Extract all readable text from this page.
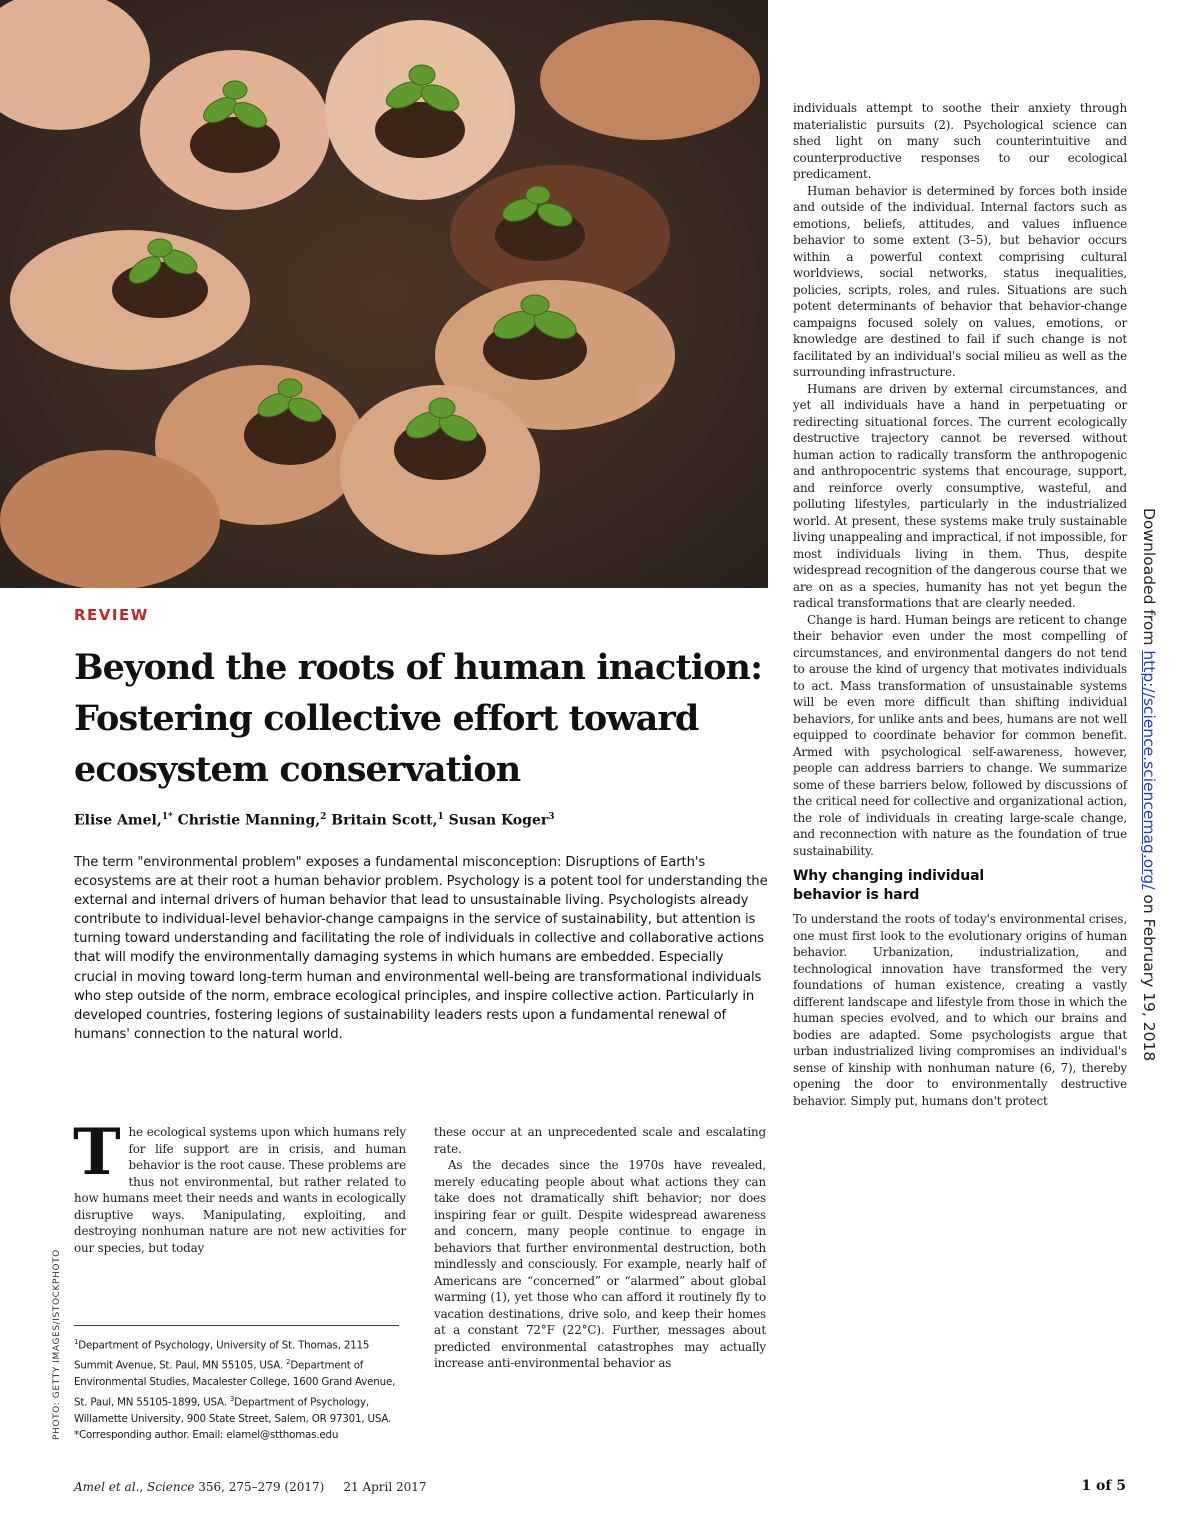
REVIEW
Beyond the roots of human inaction: Fostering collective effort toward ecosystem conservation
Elise Amel,$^{1*}$ Christie Manning,$^2$ Britain Scott,$^1$ Susan Koger$^3$

The term "environmental problem" exposes a fundamental misconception: Disruptions of Earth's ecosystems are at their root a human behavior problem. Psychology is a potent tool for understanding the external and internal drivers of human behavior that lead to unsustainable living. Psychologists already contribute to individual-level behavior-change campaigns in the service of sustainability, but attention is turning toward understanding and facilitating the role of individuals in collective and collaborative actions that will modify the environmentally damaging systems in which humans are embedded. Especially crucial in moving toward long-term human and environmental well-being are transformational individuals who step outside of the norm, embrace ecological principles, and inspire collective action. Particularly in developed countries, fostering legions of sustainability leaders rests upon a fundamental renewal of humans' connection to the natural world.

The ecological systems upon which humans rely for life support are in crisis, and human behavior is the root cause. These problems are thus not environmental, but rather related to how humans meet their needs and wants in ecologically disruptive ways. Manipulating, exploiting, and destroying nonhuman nature are not new activities for our species, but today

$^1$Department of Psychology, University of St. Thomas, 2115 Summit Avenue, St. Paul, MN 55105, USA. $^2$Department of Environmental Studies, Macalester College, 1600 Grand Avenue, St. Paul, MN 55105-1899, USA. $^3$Department of Psychology, Willamette University, 900 State Street, Salem, OR 97301, USA.
*Corresponding author. Email: elamel@stthomas.edu

these occur at an unprecedented scale and escalating rate.

As the decades since the 1970s have revealed, merely educating people about what actions they can take does not dramatically shift behavior; nor does inspiring fear or guilt. Despite widespread awareness and concern, many people continue to engage in behaviors that further environmental destruction, both mindlessly and consciously. For example, nearly half of Americans are “concerned” or “alarmed” about global warming (1), yet those who can afford it routinely fly to vacation destinations, drive solo, and keep their homes at a constant 72°F (22°C). Further, messages about predicted environmental catastrophes may actually increase anti-environmental behavior as

individuals attempt to soothe their anxiety through materialistic pursuits (2). Psychological science can shed light on many such counterintuitive and counterproductive responses to our ecological predicament.

Human behavior is determined by forces both inside and outside of the individual. Internal factors such as emotions, beliefs, attitudes, and values influence behavior to some extent (3–5), but behavior occurs within a powerful context comprising cultural worldviews, social networks, status inequalities, policies, scripts, roles, and rules. Situations are such potent determinants of behavior that behavior-change campaigns focused solely on values, emotions, or knowledge are destined to fail if such change is not facilitated by an individual's social milieu as well as the surrounding infrastructure.

Humans are driven by external circumstances, and yet all individuals have a hand in perpetuating or redirecting situational forces. The current ecologically destructive trajectory cannot be reversed without human action to radically transform the anthropogenic and anthropocentric systems that encourage, support, and reinforce overly consumptive, wasteful, and polluting lifestyles, particularly in the industrialized world. At present, these systems make truly sustainable living unappealing and impractical, if not impossible, for most individuals living in them. Thus, despite widespread recognition of the dangerous course that we are on as a species, humanity has not yet begun the radical transformations that are clearly needed.

Change is hard. Human beings are reticent to change their behavior even under the most compelling of circumstances, and environmental dangers do not tend to arouse the kind of urgency that motivates individuals to act. Mass transformation of unsustainable systems will be even more difficult than shifting individual behaviors, for unlike ants and bees, humans are not well equipped to coordinate behavior for common benefit. Armed with psychological self-awareness, however, people can address barriers to change. We summarize some of these barriers below, followed by discussions of the critical need for collective and organizational action, the role of individuals in creating large-scale change, and reconnection with nature as the foundation of true sustainability.

Why changing individual
behavior is hard

To understand the roots of today's environmental crises, one must first look to the evolutionary origins of human behavior. Urbanization, industrialization, and technological innovation have transformed the very foundations of human existence, creating a vastly different landscape and lifestyle from those in which the human species evolved, and to which our brains and bodies are adapted. Some psychologists argue that urban industrialized living compromises an individual's sense of kinship with nonhuman nature (6, 7), thereby opening the door to environmentally destructive behavior. Simply put, humans don't protect

PHOTO: GETTY IMAGES/ISTOCKPHOTO
Downloaded from http://science.sciencemag.org/ on February 19, 2018
Amel et al., Science 356, 275–279 (2017)     21 April 2017	1 of 5
